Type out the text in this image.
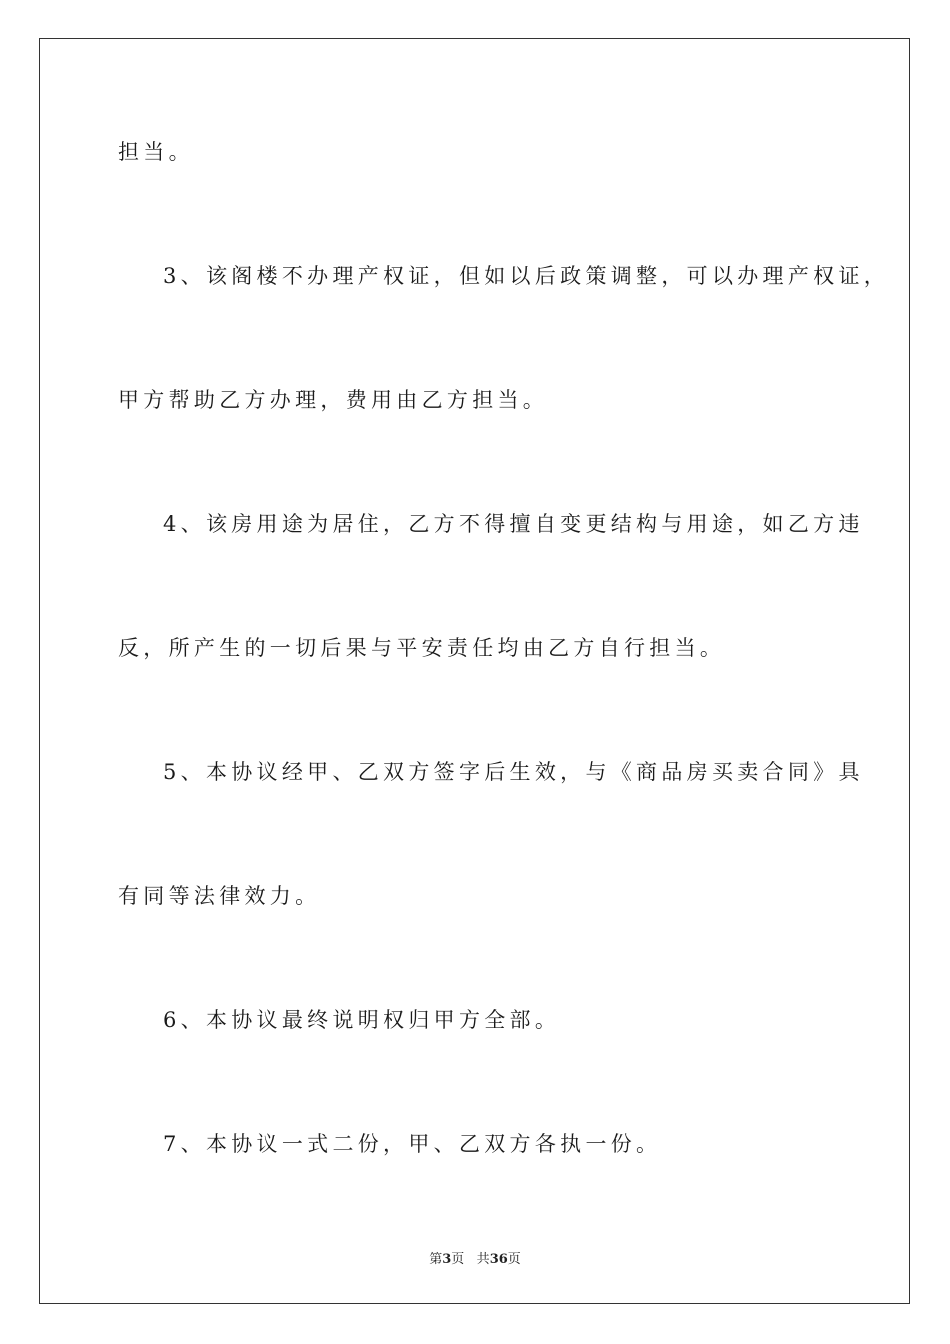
担当。
3、该阁楼不办理产权证，但如以后政策调整，可以办理产权证，
甲方帮助乙方办理，费用由乙方担当。
4、该房用途为居住，乙方不得擅自变更结构与用途，如乙方违
反，所产生的一切后果与平安责任均由乙方自行担当。
5、本协议经甲、乙双方签字后生效，与《商品房买卖合同》具
有同等法律效力。
6、本协议最终说明权归甲方全部。
7、本协议一式二份，甲、乙双方各执一份。
第3页 共36页
